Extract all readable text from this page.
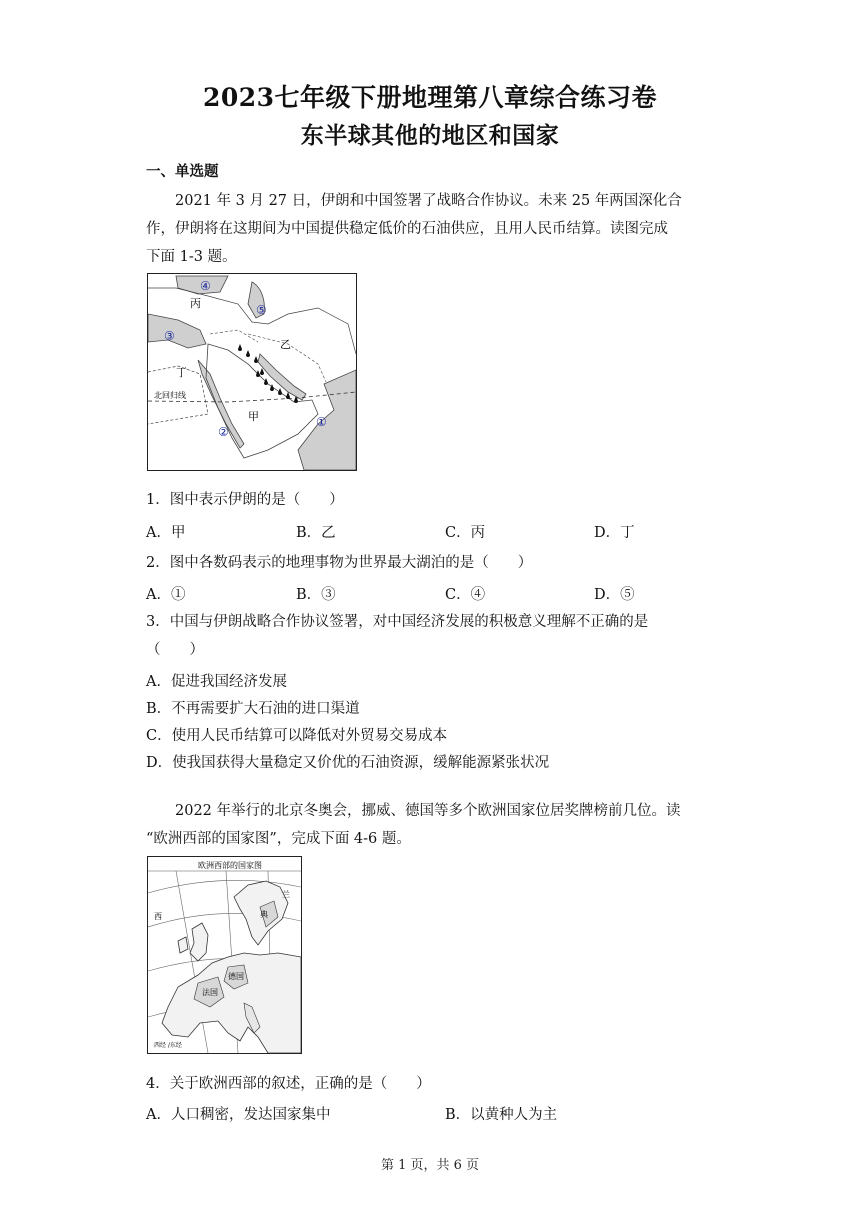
2023七年级下册地理第八章综合练习卷
东半球其他的地区和国家
一、单选题
2021 年 3 月 27 日，伊朗和中国签署了战略合作协议。未来 25 年两国深化合
作，伊朗将在这期间为中国提供稳定低价的石油供应，且用人民币结算。读图完成
下面 1-3 题。
丙
乙
丁
甲
北回归线
④
⑤
③
②
①
1．图中表示伊朗的是（　　）
A．甲	B．乙	C．丙	D．丁
2．图中各数码表示的地理事物为世界最大湖泊的是（　　）
A．①	B．③	C．④	D．⑤
3．中国与伊朗战略合作协议签署，对中国经济发展的积极意义理解不正确的是
（　　）
A．促进我国经济发展
B．不再需要扩大石油的进口渠道
C．使用人民币结算可以降低对外贸易交易成本
D．使我国获得大量稳定又价优的石油资源，缓解能源紧张状况
2022 年举行的北京冬奥会，挪威、德国等多个欧洲国家位居奖牌榜前几位。读
“欧洲西部的国家图”，完成下面 4-6 题。
欧洲西部的国家图
西	典
兰
德国
法国
西经 /东经
4．关于欧洲西部的叙述，正确的是（　　）
A．人口稠密，发达国家集中	B．以黄种人为主
第 1 页，共 6 页
